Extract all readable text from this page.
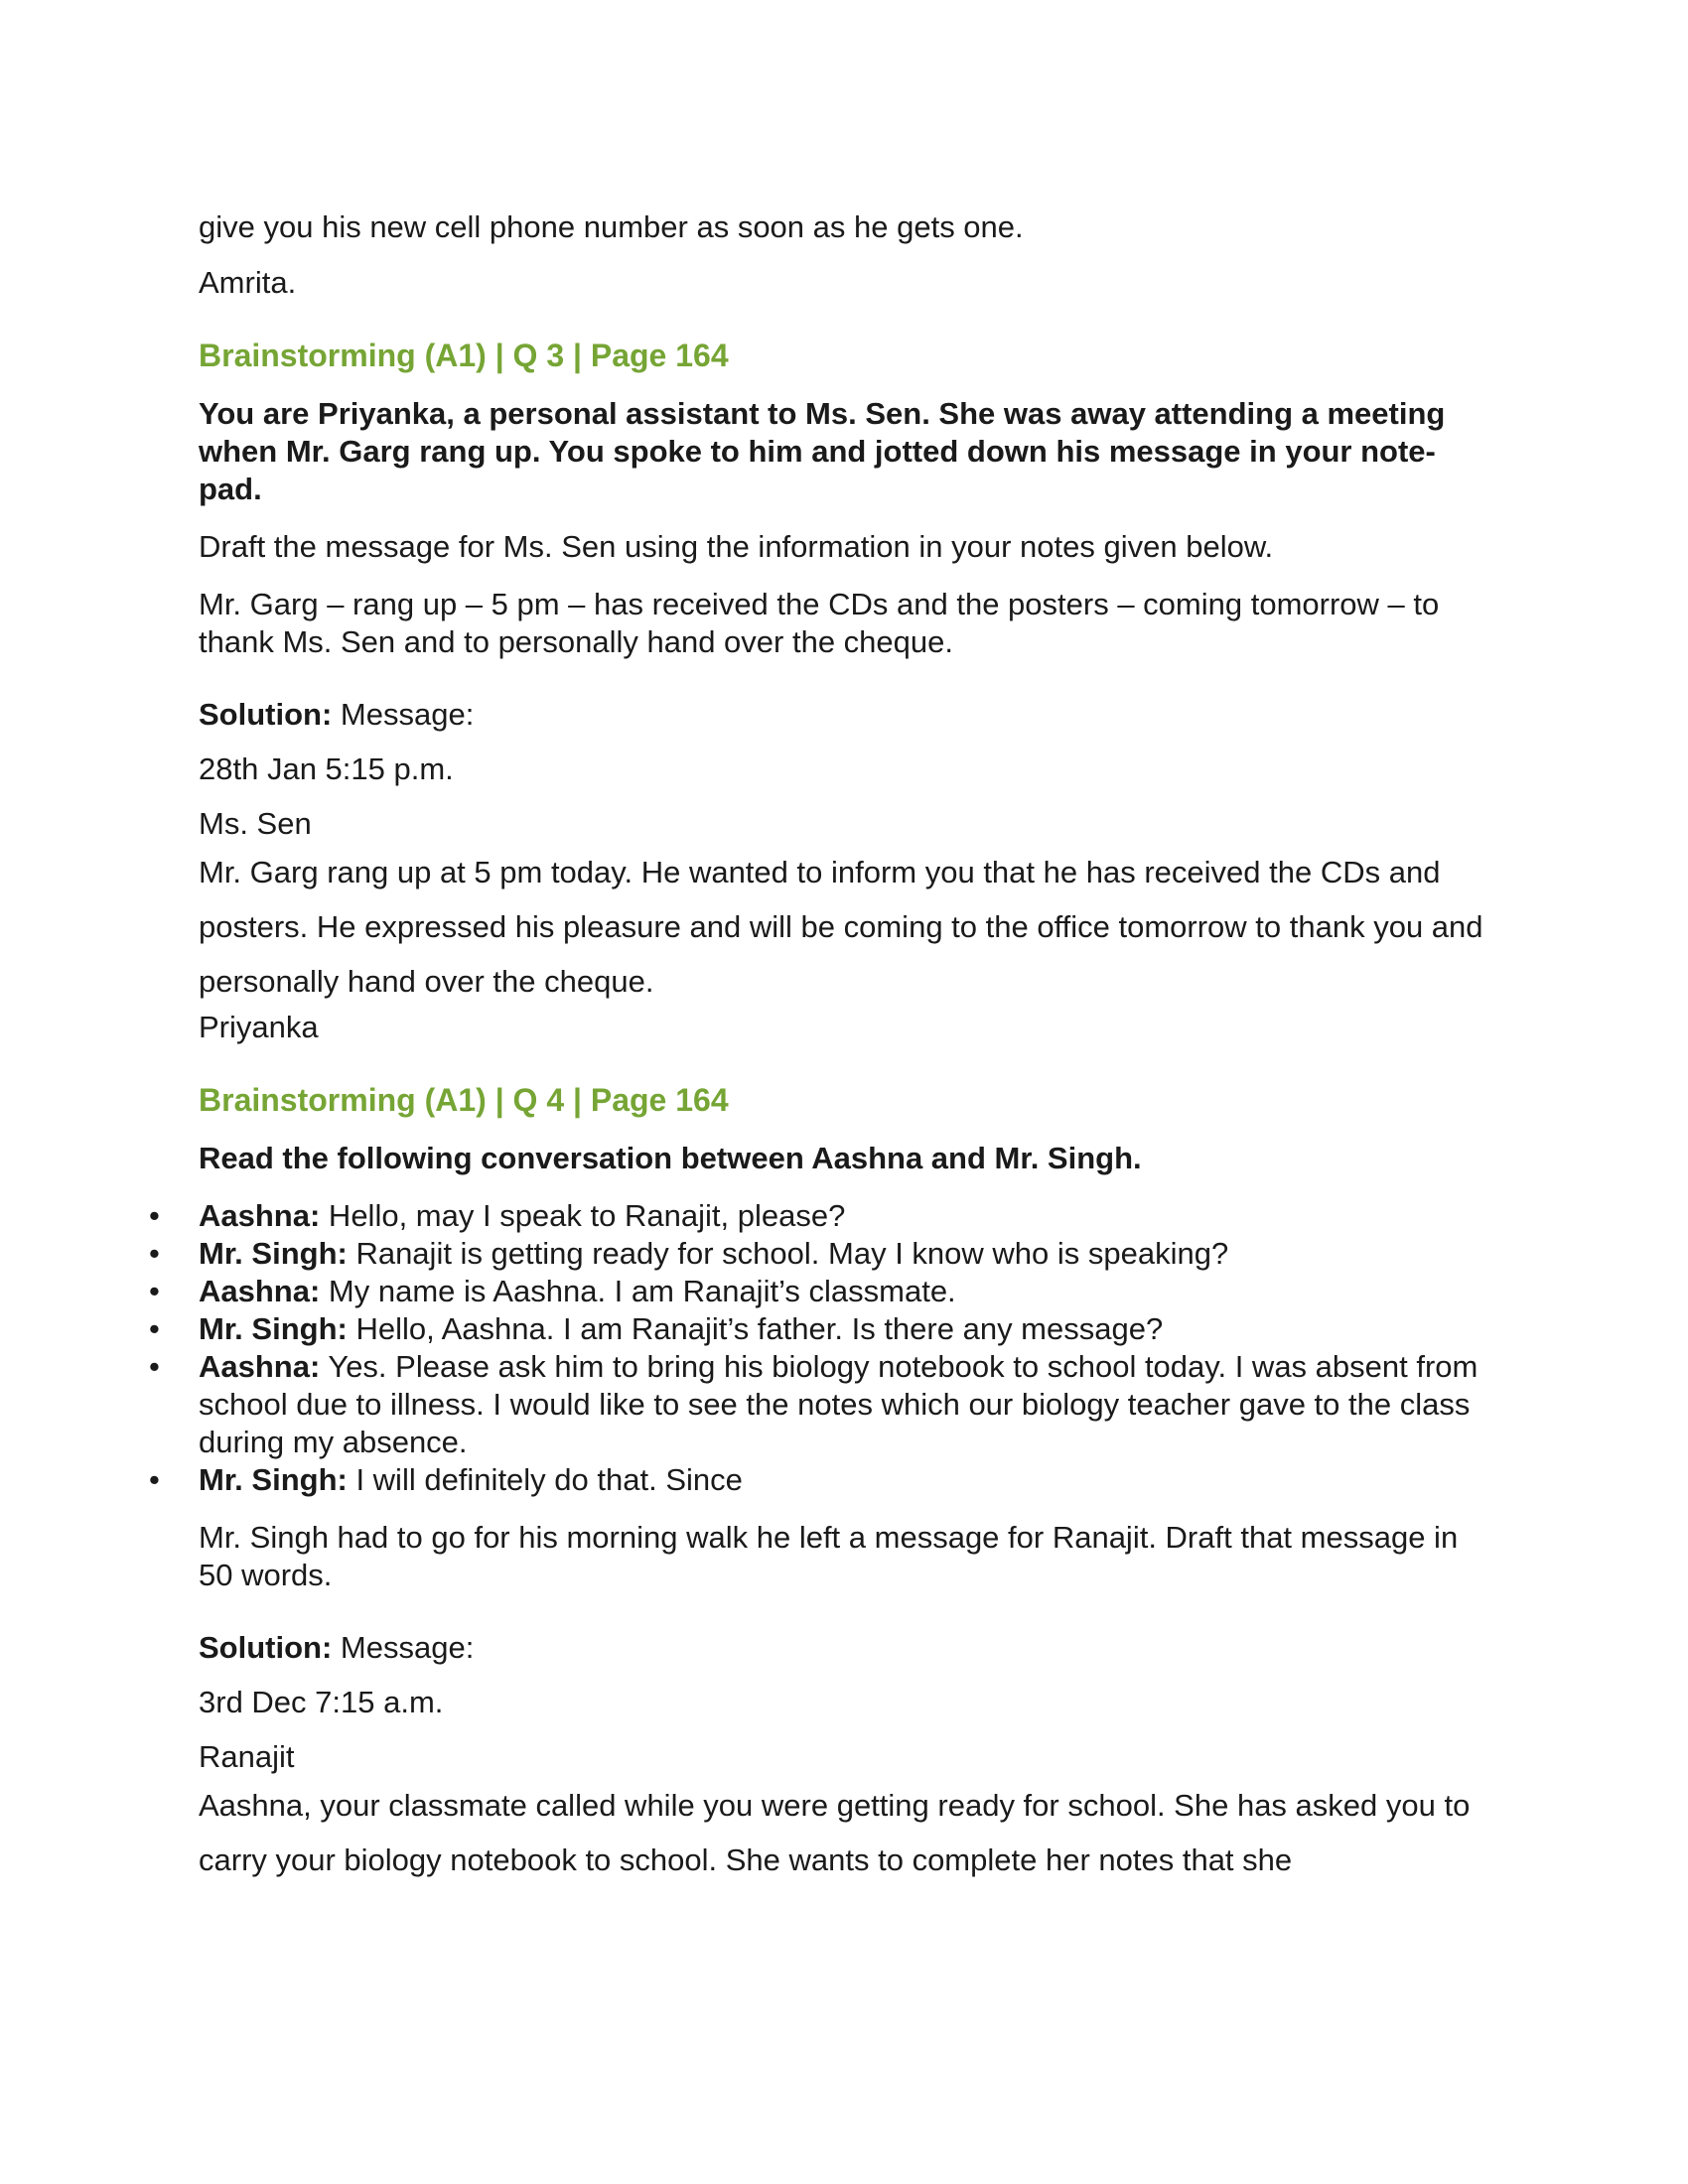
give you his new cell phone number as soon as he gets one.

Amrita.

Brainstorming (A1) | Q 3 | Page 164

You are Priyanka, a personal assistant to Ms. Sen. She was away attending a meeting when Mr. Garg rang up. You spoke to him and jotted down his message in your note- pad.

Draft the message for Ms. Sen using the information in your notes given below.

Mr. Garg – rang up – 5 pm – has received the CDs and the posters – coming tomorrow – to thank Ms. Sen and to personally hand over the cheque.

Solution: Message:

28th Jan 5:15 p.m.

Ms. Sen

Mr. Garg rang up at 5 pm today. He wanted to inform you that he has received the CDs and posters. He expressed his pleasure and will be coming to the office tomorrow to thank you and personally hand over the cheque.

Priyanka

Brainstorming (A1) | Q 4 | Page 164

Read the following conversation between Aashna and Mr. Singh.

• Aashna: Hello, may I speak to Ranajit, please?
• Mr. Singh: Ranajit is getting ready for school. May I know who is speaking?
• Aashna: My name is Aashna. I am Ranajit’s classmate.
• Mr. Singh: Hello, Aashna. I am Ranajit’s father. Is there any message?
• Aashna: Yes. Please ask him to bring his biology notebook to school today. I was absent from school due to illness. I would like to see the notes which our biology teacher gave to the class during my absence.
• Mr. Singh: I will definitely do that. Since

Mr. Singh had to go for his morning walk he left a message for Ranajit. Draft that message in 50 words.

Solution: Message:

3rd Dec 7:15 a.m.

Ranajit

Aashna, your classmate called while you were getting ready for school. She has asked you to carry your biology notebook to school. She wants to complete her notes that she
